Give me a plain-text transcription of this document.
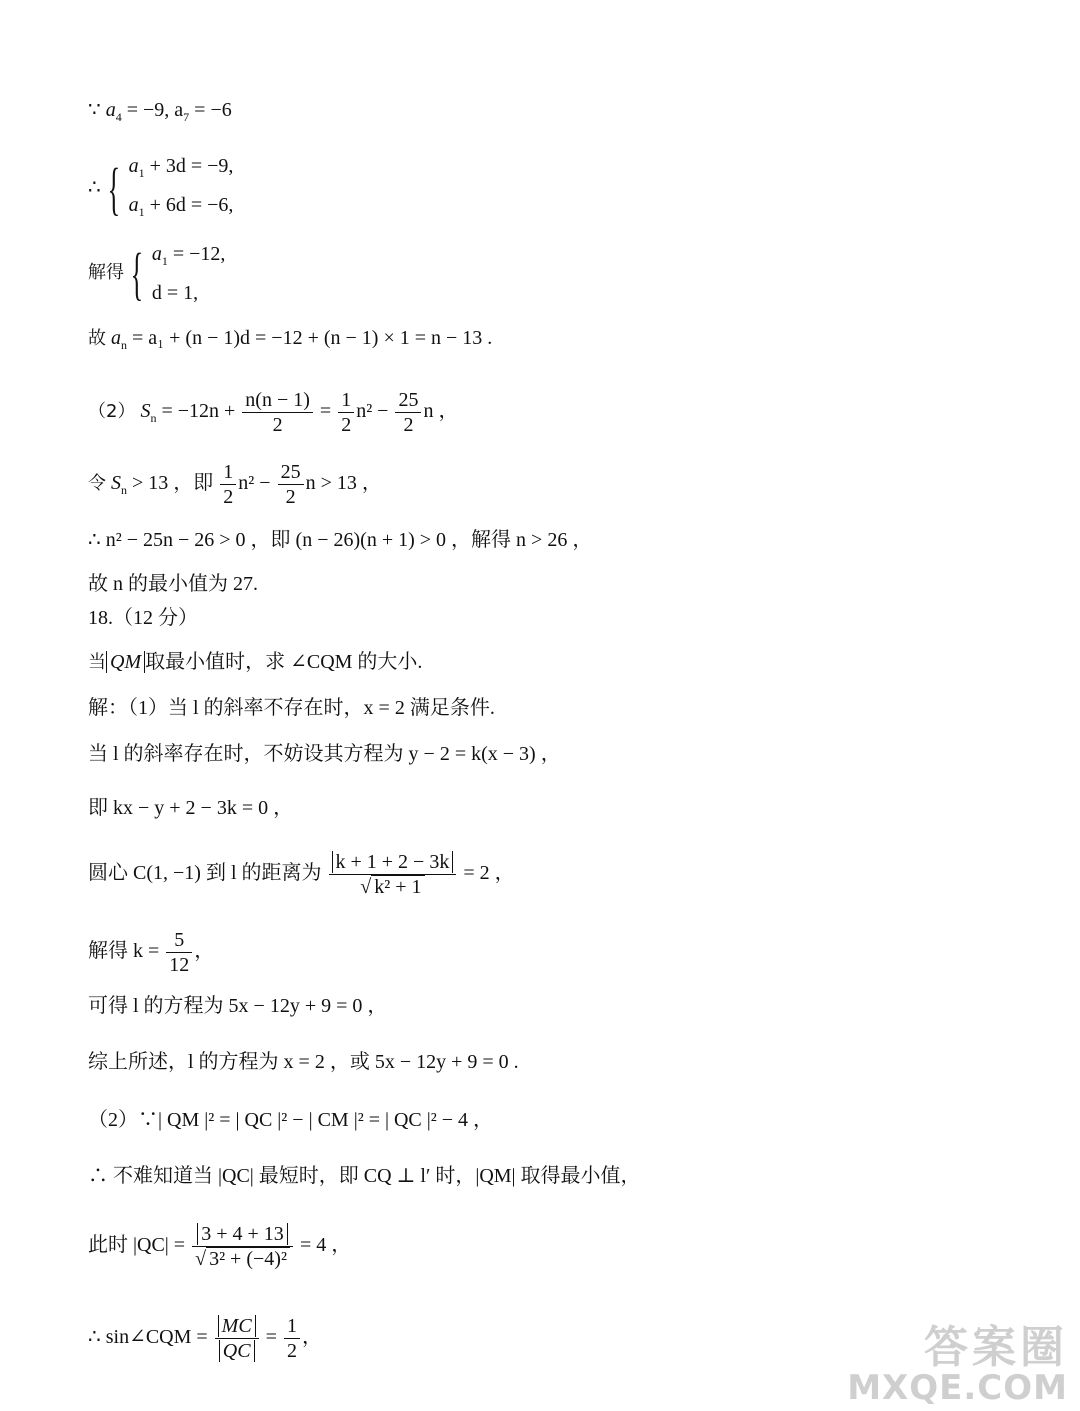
∵ $a_4 = -9$, $a_7 = -6$
∴ { $a_1 + 3d = -9$,
$a_1 + 6d = -6$,
解得 { $a_1 = -12$,
d = 1,
故 $a_n = a_1 + (n - 1)d = -12 + (n - 1) \times 1 = n - 13$ .
（2） $S_n = -12n + \frac{n(n - 1)}{2} = \frac{1}{2} n^2 - \frac{25}{2}$ n ，
令 $S_n > 13$ ，即 $\frac{1}{2} n^2 - \frac{25}{2}$ n > 13 ，
∴ n² − 25n − 26 > 0 ，即 (n − 26)(n + 1) > 0 ，解得 n > 26 ，
故 n 的最小值为 27.
18.（12 分）
当 QM 取最小值时，求 ∠CQM 的大小.
解：（1）当 l 的斜率不存在时，x = 2 满足条件.
当 l 的斜率存在时，不妨设其方程为 y − 2 = k(x − 3) ，
即 kx − y + 2 − 3k = 0 ，
圆心 C(1, −1) 到 l 的距离为 $\frac{k + 1 + 2 - 3k}{\text{√ k² + 1}} = 2$ ，
解得 $k = \frac{5}{12}$ ，
可得 l 的方程为 5x − 12y + 9 = 0 ，
综上所述，l 的方程为 x = 2 ，或 5x − 12y + 9 = 0 .
（2）∵| QM |² = | QC |² − | CM |² = | QC |² − 4 ，
∴ 不难知道当 |QC| 最短时，即 CQ ⊥ l′ 时，|QM| 取得最小值，
此时 $|QC| = \frac{3 + 4 + 13}{\text{√ 3² + (−4)²}} = 4$ ，
∴ sin∠CQM = $\frac{MC}{QC} = \frac{1}{2}$ ，	答案圈
MXQE.COM
